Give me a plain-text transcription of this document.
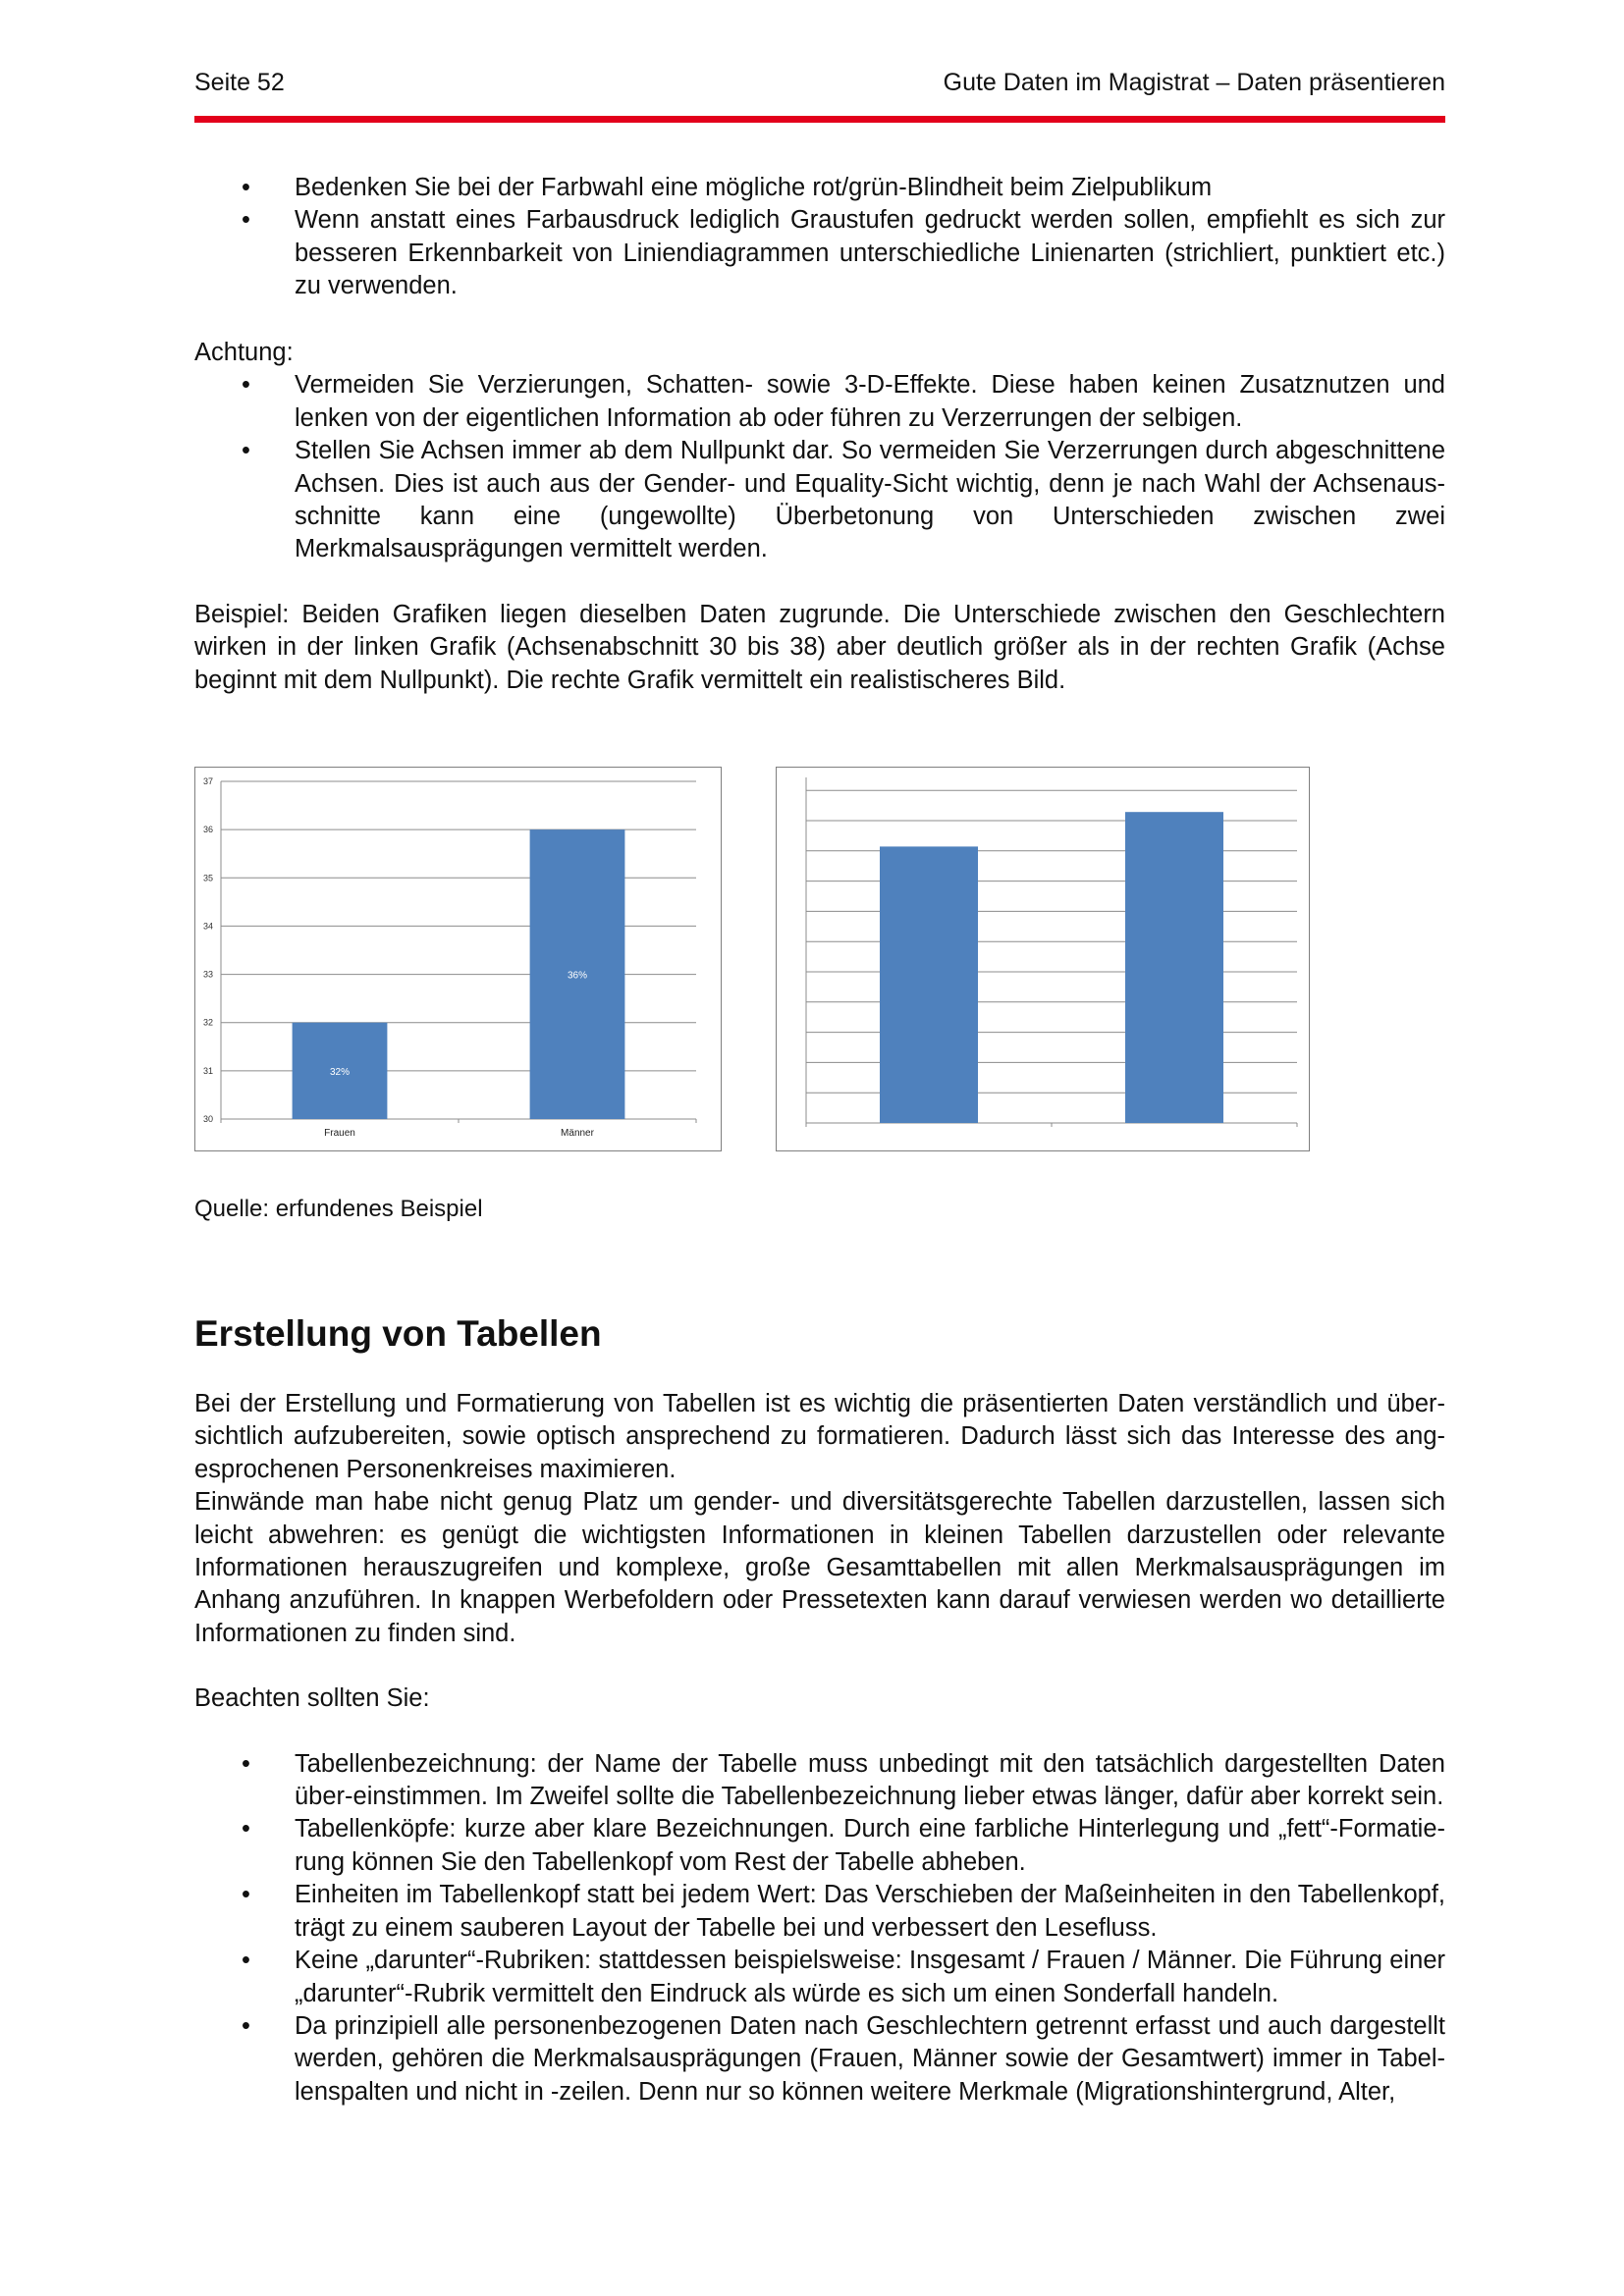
Seite 52	Gute Daten im Magistrat – Daten präsentieren
• Bedenken Sie bei der Farbwahl eine mögliche rot/grün-Blindheit beim Zielpublikum
• Wenn anstatt eines Farbausdruck lediglich Graustufen gedruckt werden sollen, empfiehlt es sich zur besseren Erkennbarkeit von Liniendiagrammen unterschiedliche Linienarten (strichliert, punktiert etc.) zu verwenden.
Achtung:
• Vermeiden Sie Verzierungen, Schatten- sowie 3-D-Effekte. Diese haben keinen Zusatznutzen und lenken von der eigentlichen Information ab oder führen zu Verzerrungen der selbigen.
• Stellen Sie Achsen immer ab dem Nullpunkt dar. So vermeiden Sie Verzerrungen durch abgeschnittene Achsen. Dies ist auch aus der Gender- und Equality-Sicht wichtig, denn je nach Wahl der Achsenaus-schnitte kann eine (ungewollte) Überbetonung von Unterschieden zwischen zwei Merkmalsausprägungen vermittelt werden.
Beispiel: Beiden Grafiken liegen dieselben Daten zugrunde. Die Unterschiede zwischen den Geschlechtern wirken in der linken Grafik (Achsenabschnitt 30 bis 38) aber deutlich größer als in der rechten Grafik (Achse beginnt mit dem Nullpunkt). Die rechte Grafik vermittelt ein realistischeres Bild.
30
31
32
33
34
35
36
37
32%
Frauen
36%
Männer
Quelle: erfundenes Beispiel
Erstellung von Tabellen
Bei der Erstellung und Formatierung von Tabellen ist es wichtig die präsentierten Daten verständlich und über-sichtlich aufzubereiten, sowie optisch ansprechend zu formatieren. Dadurch lässt sich das Interesse des ang-esprochenen Personenkreises maximieren.
Einwände man habe nicht genug Platz um gender- und diversitätsgerechte Tabellen darzustellen, lassen sich leicht abwehren: es genügt die wichtigsten Informationen in kleinen Tabellen darzustellen oder relevante Informationen herauszugreifen und komplexe, große Gesamttabellen mit allen Merkmalsausprägungen im Anhang anzuführen. In knappen Werbefoldern oder Pressetexten kann darauf verwiesen werden wo detaillierte Informationen zu finden sind.
Beachten sollten Sie:
• Tabellenbezeichnung: der Name der Tabelle muss unbedingt mit den tatsächlich dargestellten Daten über-einstimmen. Im Zweifel sollte die Tabellenbezeichnung lieber etwas länger, dafür aber korrekt sein.
• Tabellenköpfe: kurze aber klare Bezeichnungen. Durch eine farbliche Hinterlegung und „fett“-Formatie-rung können Sie den Tabellenkopf vom Rest der Tabelle abheben.
• Einheiten im Tabellenkopf statt bei jedem Wert: Das Verschieben der Maßeinheiten in den Tabellenkopf, trägt zu einem sauberen Layout der Tabelle bei und verbessert den Lesefluss.
• Keine „darunter“-Rubriken: stattdessen beispielsweise: Insgesamt / Frauen / Männer. Die Führung einer „darunter“-Rubrik vermittelt den Eindruck als würde es sich um einen Sonderfall handeln.
• Da prinzipiell alle personenbezogenen Daten nach Geschlechtern getrennt erfasst und auch dargestellt werden, gehören die Merkmalsausprägungen (Frauen, Männer sowie der Gesamtwert) immer in Tabel-lenspalten und nicht in -zeilen. Denn nur so können weitere Merkmale (Migrationshintergrund, Alter,
